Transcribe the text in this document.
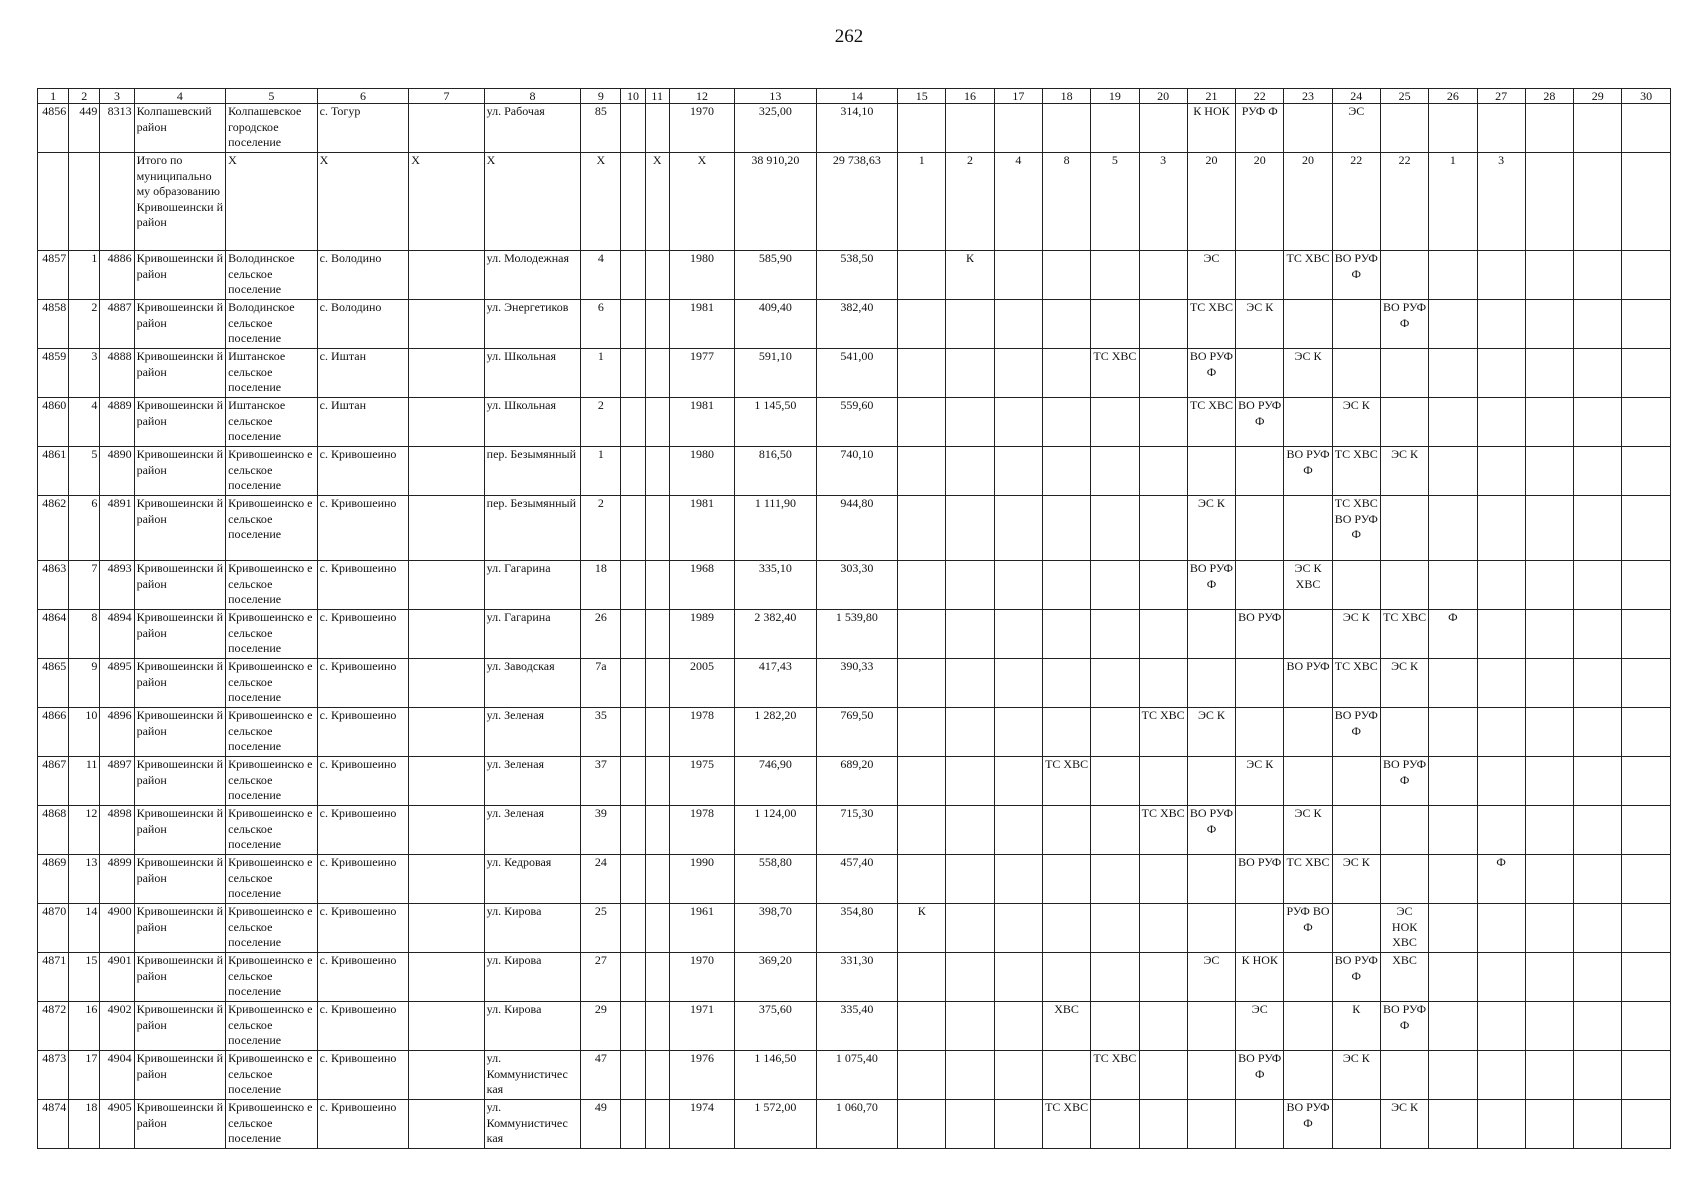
262
1	2	3	4	5	6	7	8	9	10	11	12	13	14	15	16	17	18	19	20	21	22	23	24	25	26	27	28	29	30
4856	449	8313	Колпашевский район	Колпашевское городское поселение	с. Тогур		ул. Рабочая	85			1970	325,00	314,10							К НОК	РУФ Ф		ЭС						
			Итого по муниципально му образованию Кривошеински й район	X	X	X	X	X		X	X	38 910,20	29 738,63	1	2	4	8	5	3	20	20	20	22	22	1	3			
4857	1	4886	Кривошеински й район	Володинское сельское поселение	с. Володино		ул. Молодежная	4			1980	585,90	538,50		К					ЭС		ТС ХВС	ВО РУФ Ф						
4858	2	4887	Кривошеински й район	Володинское сельское поселение	с. Володино		ул. Энергетиков	6			1981	409,40	382,40							ТС ХВС	ЭС К			ВО РУФ Ф					
4859	3	4888	Кривошеински й район	Иштанское сельское поселение	с. Иштан		ул. Школьная	1			1977	591,10	541,00					ТС ХВС		ВО РУФ Ф		ЭС К							
4860	4	4889	Кривошеински й район	Иштанское сельское поселение	с. Иштан		ул. Школьная	2			1981	1 145,50	559,60							ТС ХВС	ВО РУФ Ф		ЭС К						
4861	5	4890	Кривошеински й район	Кривошеинско е сельское поселение	с. Кривошеино		пер. Безымянный	1			1980	816,50	740,10									ВО РУФ Ф	ТС ХВС	ЭС К					
4862	6	4891	Кривошеински й район	Кривошеинско е сельское поселение	с. Кривошеино		пер. Безымянный	2			1981	1 111,90	944,80							ЭС К			ТС ХВС ВО РУФ Ф						
4863	7	4893	Кривошеински й район	Кривошеинско е сельское поселение	с. Кривошеино		ул. Гагарина	18			1968	335,10	303,30							ВО РУФ Ф		ЭС К ХВС							
4864	8	4894	Кривошеински й район	Кривошеинско е сельское поселение	с. Кривошеино		ул. Гагарина	26			1989	2 382,40	1 539,80								ВО РУФ		ЭС К	ТС ХВС	Ф				
4865	9	4895	Кривошеински й район	Кривошеинско е сельское поселение	с. Кривошеино		ул. Заводская	7а			2005	417,43	390,33									ВО РУФ	ТС ХВС	ЭС К					
4866	10	4896	Кривошеински й район	Кривошеинско е сельское поселение	с. Кривошеино		ул. Зеленая	35			1978	1 282,20	769,50						ТС ХВС	ЭС К			ВО РУФ Ф						
4867	11	4897	Кривошеински й район	Кривошеинско е сельское поселение	с. Кривошеино		ул. Зеленая	37			1975	746,90	689,20				ТС ХВС				ЭС К			ВО РУФ Ф					
4868	12	4898	Кривошеински й район	Кривошеинско е сельское поселение	с. Кривошеино		ул. Зеленая	39			1978	1 124,00	715,30						ТС ХВС	ВО РУФ Ф		ЭС К							
4869	13	4899	Кривошеински й район	Кривошеинско е сельское поселение	с. Кривошеино		ул. Кедровая	24			1990	558,80	457,40								ВО РУФ	ТС ХВС	ЭС К			Ф			
4870	14	4900	Кривошеински й район	Кривошеинско е сельское поселение	с. Кривошеино		ул. Кирова	25			1961	398,70	354,80	К								РУФ ВО Ф		ЭС НОК ХВС					
4871	15	4901	Кривошеински й район	Кривошеинско е сельское поселение	с. Кривошеино		ул. Кирова	27			1970	369,20	331,30							ЭС	К НОК		ВО РУФ Ф	ХВС					
4872	16	4902	Кривошеински й район	Кривошеинско е сельское поселение	с. Кривошеино		ул. Кирова	29			1971	375,60	335,40				ХВС				ЭС		К	ВО РУФ Ф					
4873	17	4904	Кривошеински й район	Кривошеинско е сельское поселение	с. Кривошеино		ул. Коммунистичес кая	47			1976	1 146,50	1 075,40					ТС ХВС			ВО РУФ Ф		ЭС К						
4874	18	4905	Кривошеински й район	Кривошеинско е сельское поселение	с. Кривошеино		ул. Коммунистичес кая	49			1974	1 572,00	1 060,70				ТС ХВС					ВО РУФ Ф		ЭС К					
